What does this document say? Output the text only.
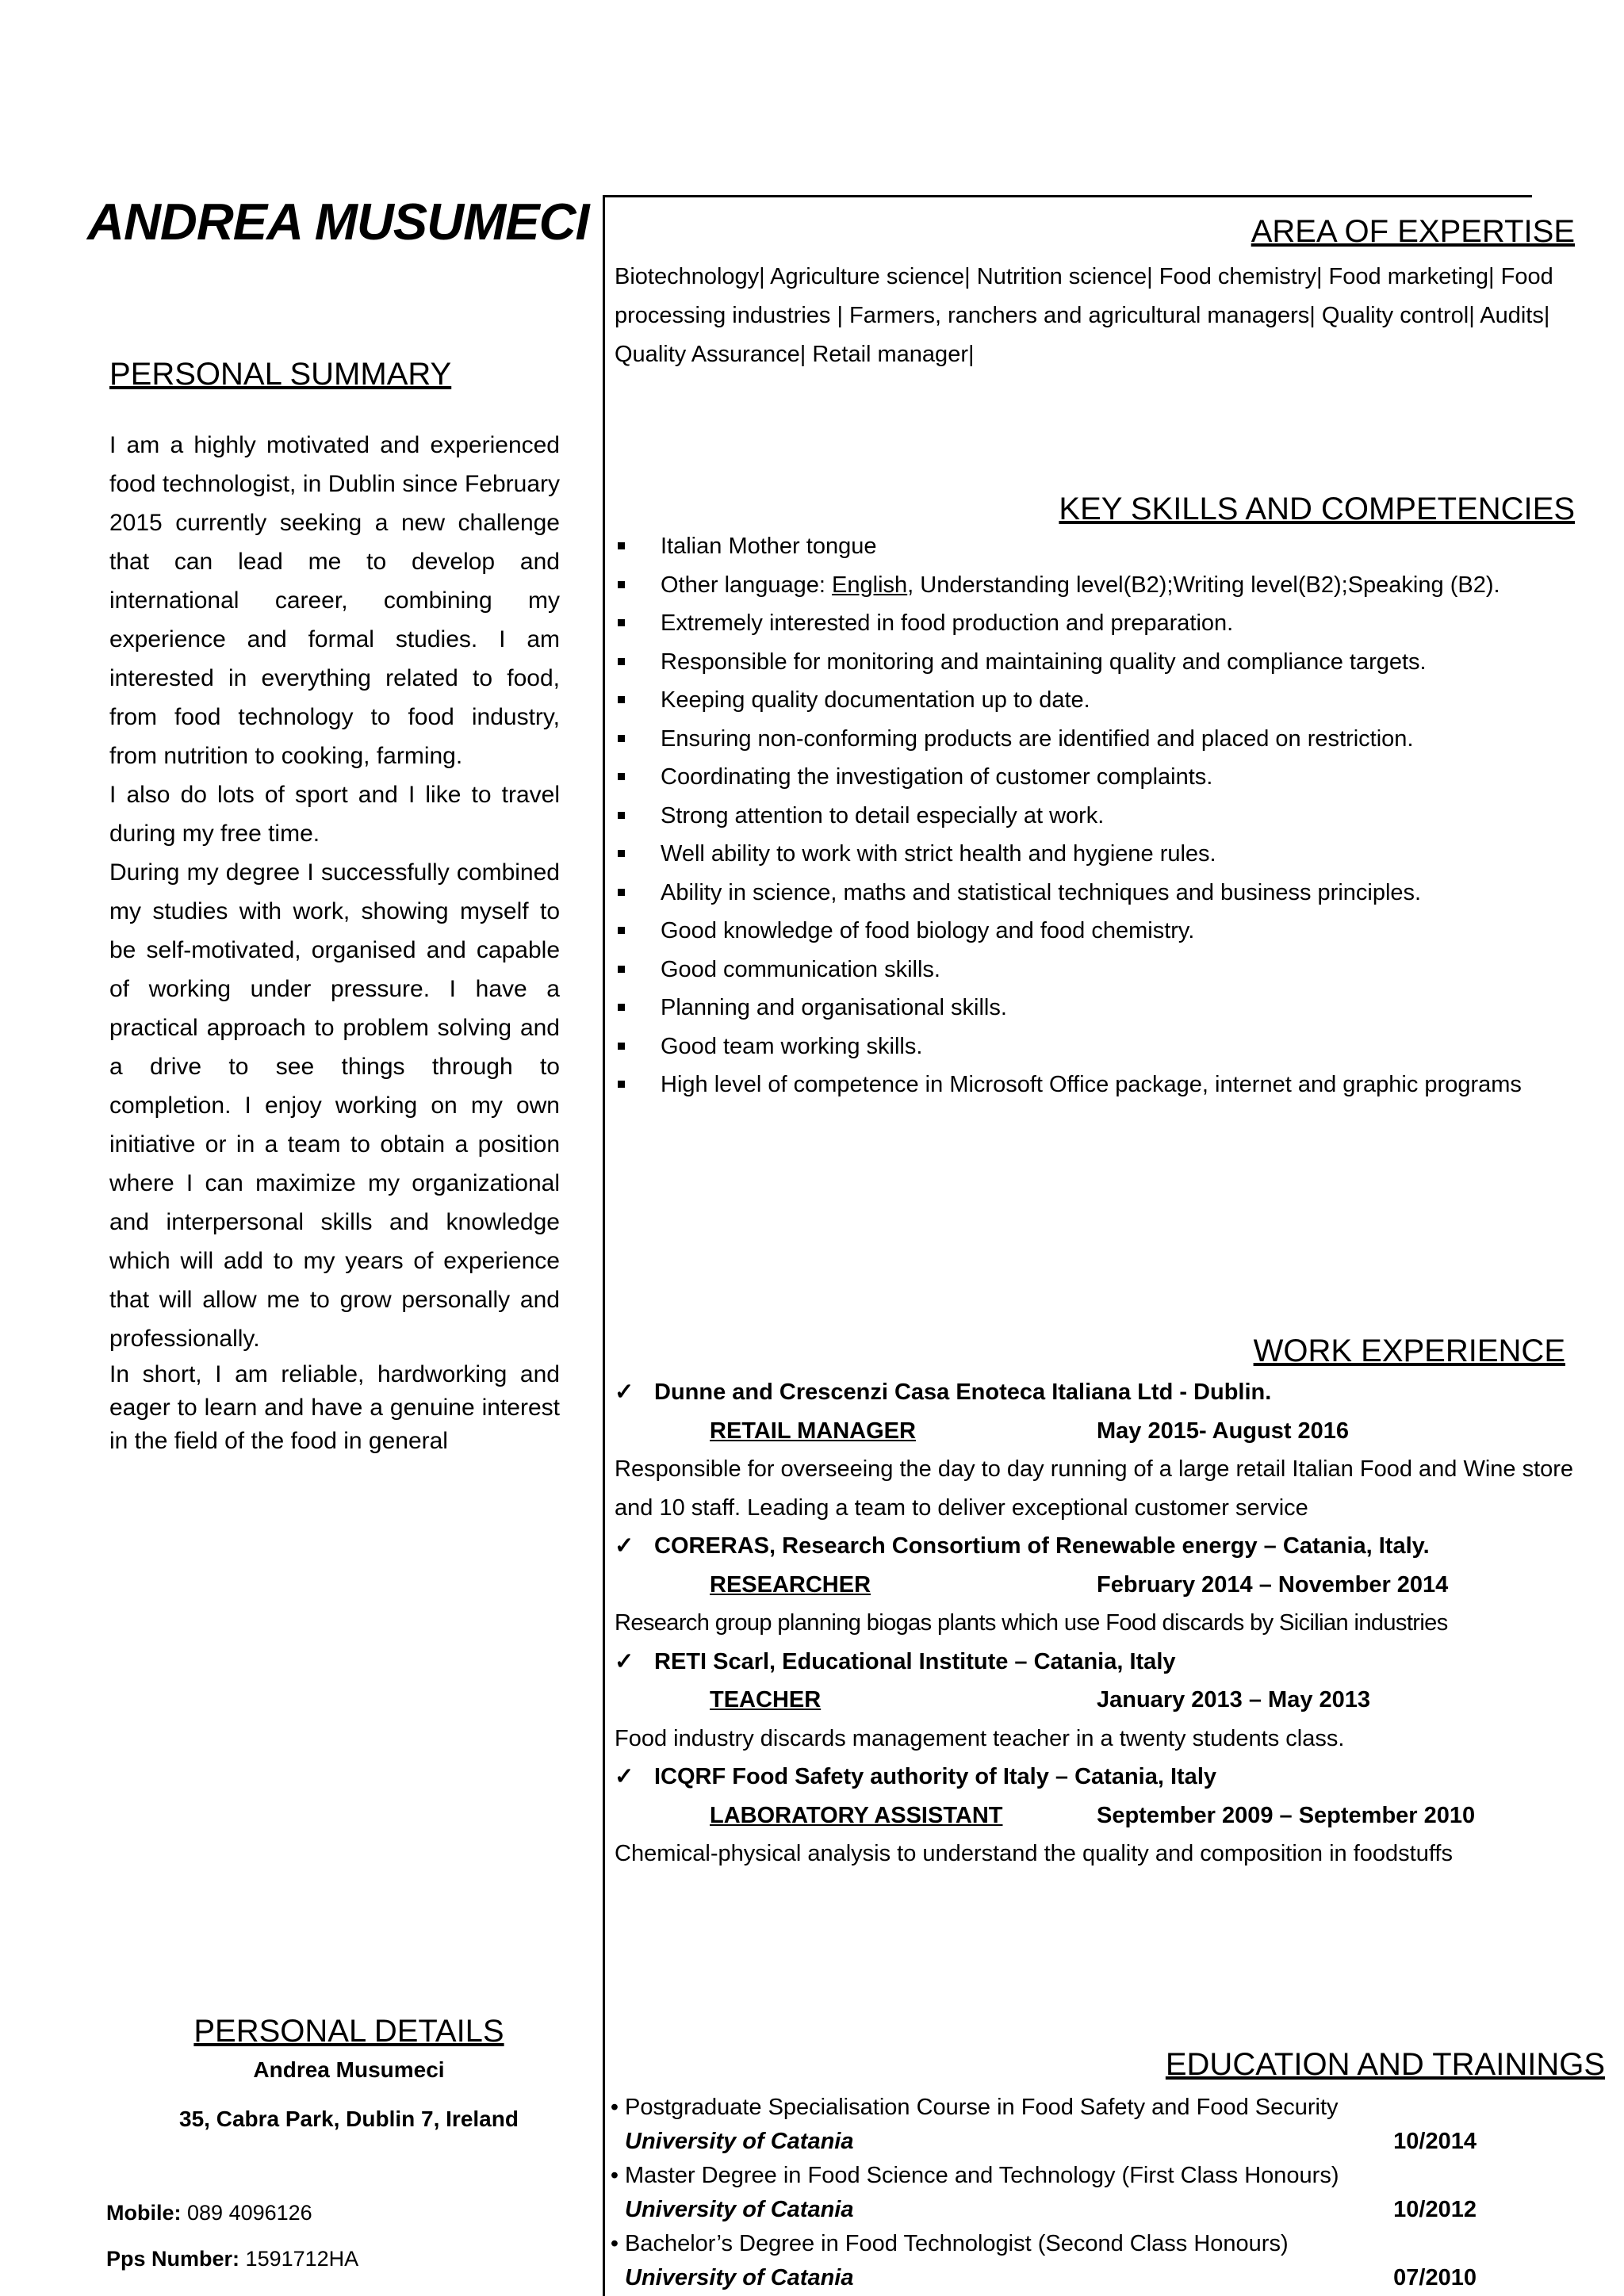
ANDREA MUSUMECI
PERSONAL SUMMARY

I am a highly motivated and experienced food technologist, in Dublin since February 2015 currently seeking a new challenge that can lead me to develop and international career, combining my experience and formal studies. I am interested in everything related to food, from food technology to food industry, from nutrition to cooking, farming.

I also do lots of sport and I like to travel during my free time.

During my degree I successfully combined my studies with work, showing myself to be self-motivated, organised and capable of working under pressure. I have a practical approach to problem solving and a drive to see things through to completion. I enjoy working on my own initiative or in a team to obtain a position where I can maximize my organizational and interpersonal skills and knowledge which will add to my years of experience that will allow me to grow personally and professionally.

In short, I am reliable, hardworking and eager to learn and have a genuine interest in the field of the food in general

AREA OF EXPERTISE
Biotechnology| Agriculture science| Nutrition science| Food chemistry| Food marketing| Food processing industries | Farmers, ranchers and agricultural managers| Quality control| Audits| Quality Assurance| Retail manager|
KEY SKILLS AND COMPETENCIES
Italian Mother tongue
Other language: English, Understanding level(B2);Writing level(B2);Speaking (B2).
Extremely interested in food production and preparation.
Responsible for monitoring and maintaining quality and compliance targets.
Keeping quality documentation up to date.
Ensuring non-conforming products are identified and placed on restriction.
Coordinating the investigation of customer complaints.
Strong attention to detail especially at work.
Well ability to work with strict health and hygiene rules.
Ability in science, maths and statistical techniques and business principles.
Good knowledge of food biology and food chemistry.
Good communication skills.
Planning and organisational skills.
Good team working skills.
High level of competence in Microsoft Office package, internet and graphic programs
WORK EXPERIENCE
✓ Dunne and Crescenzi Casa Enoteca Italiana Ltd - Dublin.
RETAIL MANAGER	May 2015- August 2016
Responsible for overseeing the day to day running of a large retail Italian Food and Wine store and 10 staff. Leading a team to deliver exceptional customer service
✓ CORERAS, Research Consortium of Renewable energy – Catania, Italy.
RESEARCHER	February 2014 – November 2014
Research group planning biogas plants which use Food discards by Sicilian industries
✓ RETI Scarl, Educational Institute – Catania, Italy
TEACHER	January 2013 – May 2013
Food industry discards management teacher in a twenty students class.
✓ ICQRF Food Safety authority of Italy – Catania, Italy
LABORATORY ASSISTANT	September 2009 – September 2010
Chemical-physical analysis to understand the quality and composition in foodstuffs
PERSONAL DETAILS
Andrea Musumeci
35, Cabra Park, Dublin 7, Ireland
Mobile: 089 4096126
Pps Number: 1591712HA
EDUCATION AND TRAININGS
• Postgraduate Specialisation Course in Food Safety and Food Security
University of Catania	10/2014
• Master Degree in Food Science and Technology (First Class Honours)
University of Catania	10/2012
• Bachelor’s Degree in Food Technologist (Second Class Honours)
University of Catania	07/2010
